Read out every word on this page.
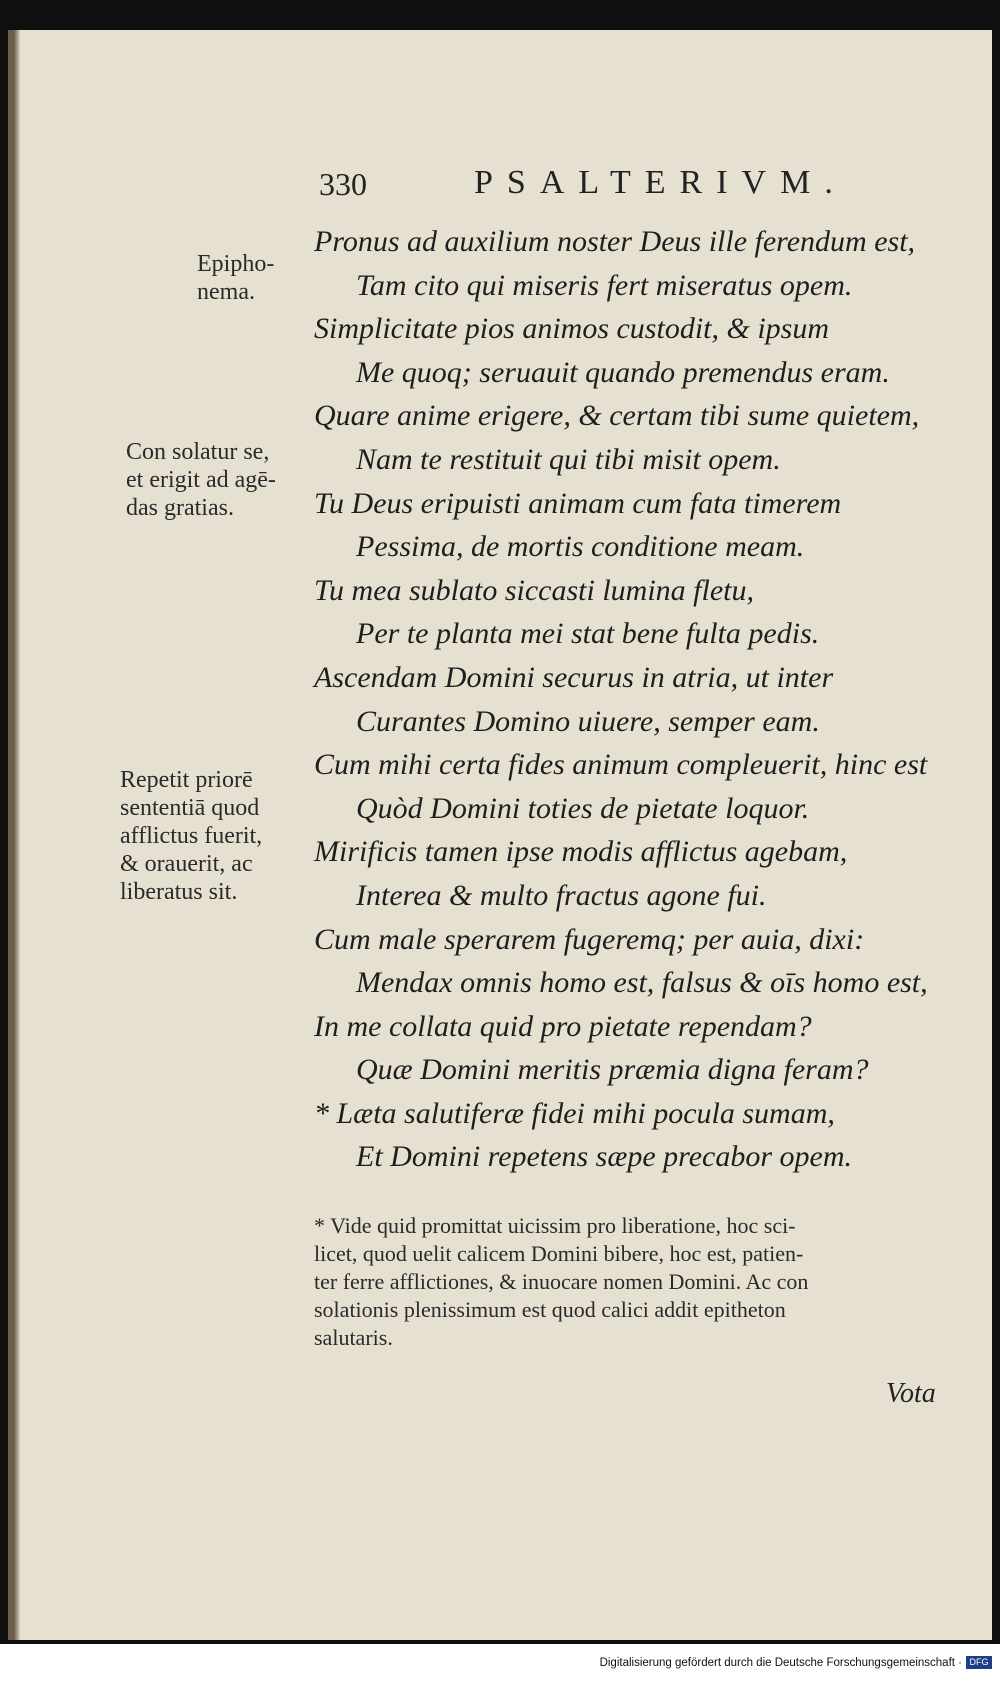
330	PSALTERIVM.
Epipho-
nema.
Con solatur se,
et erigit ad agē-
das gratias.
Repetit priorē
sententiā quod
afflictus fuerit,
& orauerit, ac
liberatus sit.
Pronus ad auxilium noster Deus ille ferendum est,
Tam cito qui miseris fert miseratus opem.
Simplicitate pios animos custodit, & ipsum
Me quoq; seruauit quando premendus eram.
Quare anime erigere, & certam tibi sume quietem,
Nam te restituit qui tibi misit opem.
Tu Deus eripuisti animam cum fata timerem
Pessima, de mortis conditione meam.
Tu mea sublato siccasti lumina fletu,
Per te planta mei stat bene fulta pedis.
Ascendam Domini securus in atria, ut inter
Curantes Domino uiuere, semper eam.
Cum mihi certa fides animum compleuerit, hinc est
Quòd Domini toties de pietate loquor.
Mirificis tamen ipse modis afflictus agebam,
Interea & multo fractus agone fui.
Cum male sperarem fugeremq; per auia, dixi:
Mendax omnis homo est, falsus & oīs homo est,
In me collata quid pro pietate rependam?
Quæ Domini meritis præmia digna feram?
* Læta salutiferæ fidei mihi pocula sumam,
Et Domini repetens sæpe precabor opem.
* Vide quid promittat uicissim pro liberatione, hoc sci-
licet, quod uelit calicem Domini bibere, hoc est, patien-
ter ferre afflictiones, & inuocare nomen Domini. Ac con
solationis plenissimum est quod calici addit epitheton
salutaris.
Vota
Digitalisierung gefördert durch die Deutsche Forschungsgemeinschaft · DFG
